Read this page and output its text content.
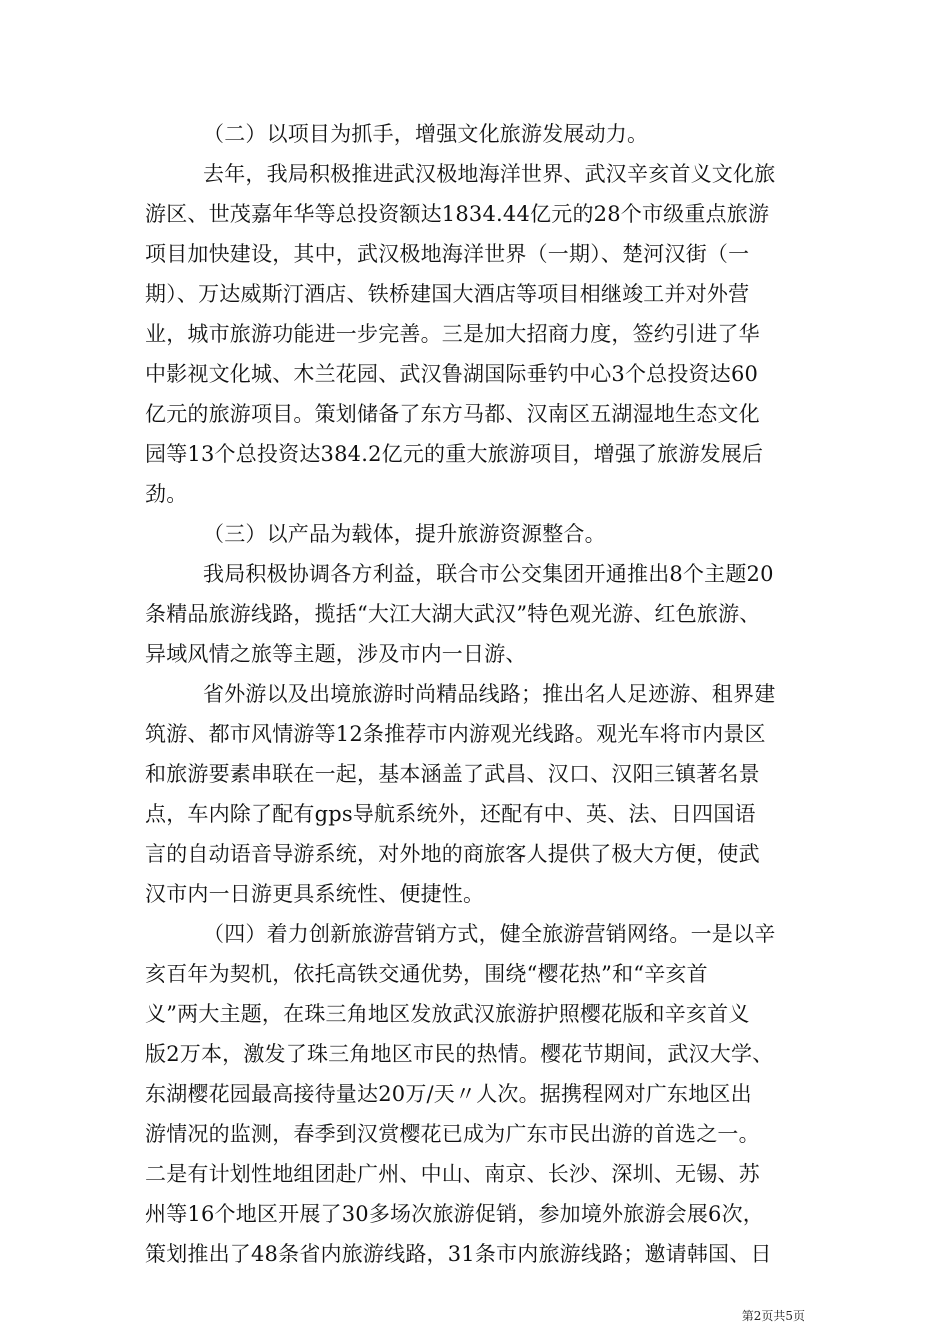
（二）以项目为抓手，增强文化旅游发展动力。
去年，我局积极推进武汉极地海洋世界、武汉辛亥首义文化旅
游区、世茂嘉年华等总投资额达1834.44亿元的28个市级重点旅游
项目加快建设，其中，武汉极地海洋世界（一期）、楚河汉街（一
期）、万达威斯汀酒店、铁桥建国大酒店等项目相继竣工并对外营
业，城市旅游功能进一步完善。三是加大招商力度，签约引进了华
中影视文化城、木兰花园、武汉鲁湖国际垂钓中心3个总投资达60
亿元的旅游项目。策划储备了东方马都、汉南区五湖湿地生态文化
园等13个总投资达384.2亿元的重大旅游项目，增强了旅游发展后
劲。
（三）以产品为载体，提升旅游资源整合。
我局积极协调各方利益，联合市公交集团开通推出8个主题20
条精品旅游线路，揽括“大江大湖大武汉”特色观光游、红色旅游、
异域风情之旅等主题，涉及市内一日游、
省外游以及出境旅游时尚精品线路；推出名人足迹游、租界建
筑游、都市风情游等12条推荐市内游观光线路。观光车将市内景区
和旅游要素串联在一起，基本涵盖了武昌、汉口、汉阳三镇著名景
点，车内除了配有gps导航系统外，还配有中、英、法、日四国语
言的自动语音导游系统，对外地的商旅客人提供了极大方便，使武
汉市内一日游更具系统性、便捷性。
（四）着力创新旅游营销方式，健全旅游营销网络。一是以辛
亥百年为契机，依托高铁交通优势，围绕“樱花热”和“辛亥首
义”两大主题，在珠三角地区发放武汉旅游护照樱花版和辛亥首义
版2万本，激发了珠三角地区市民的热情。樱花节期间，武汉大学、
东湖樱花园最高接待量达20万/天〃人次。据携程网对广东地区出
游情况的监测，春季到汉赏樱花已成为广东市民出游的首选之一。
二是有计划性地组团赴广州、中山、南京、长沙、深圳、无锡、苏
州等16个地区开展了30多场次旅游促销，参加境外旅游会展6次，
策划推出了48条省内旅游线路，31条市内旅游线路；邀请韩国、日
第2页共5页
